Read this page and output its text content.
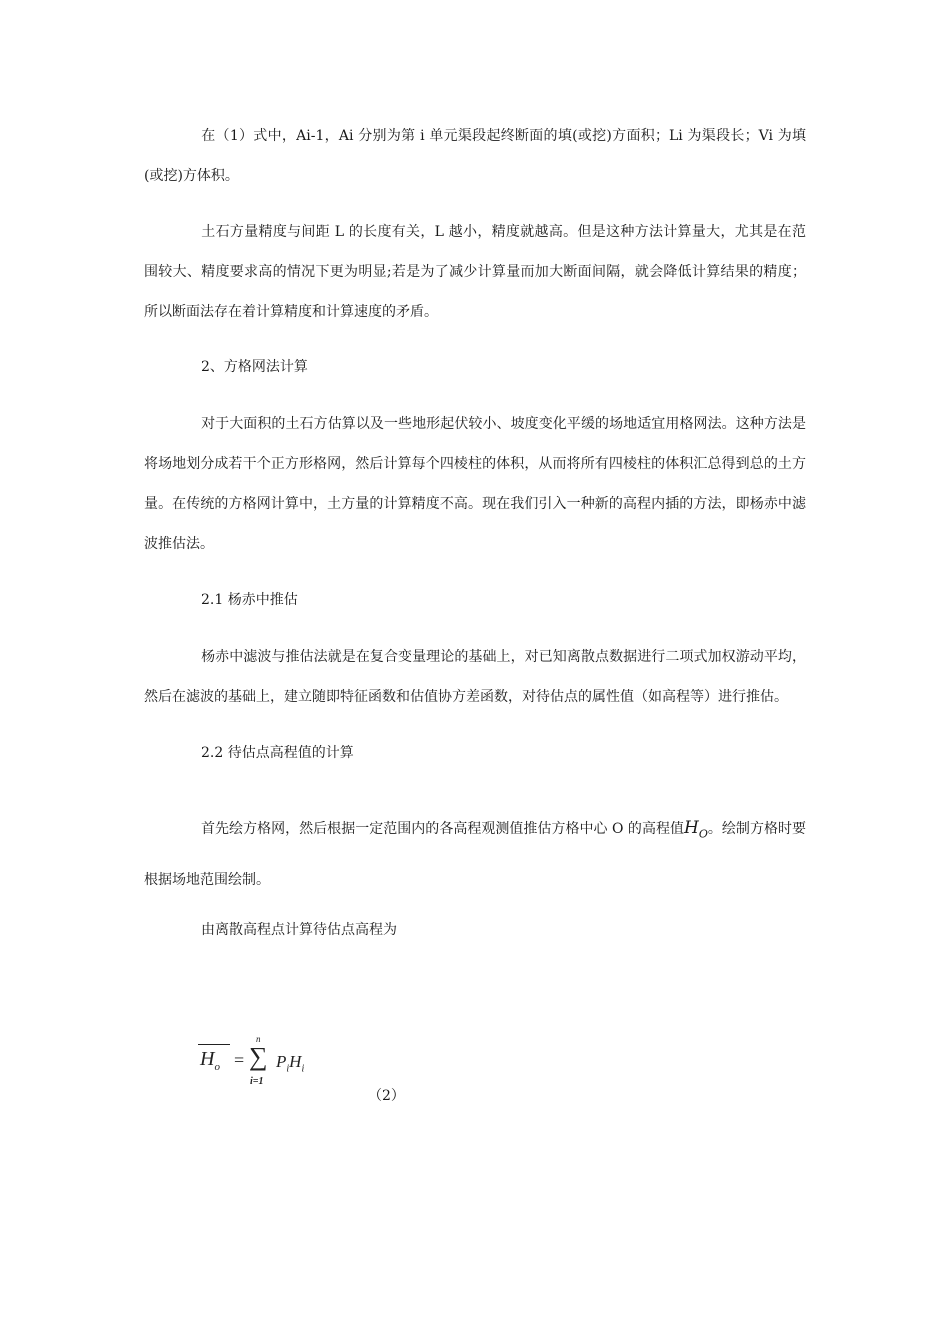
在（1）式中，Ai-1，Ai 分别为第 i 单元渠段起终断面的填(或挖)方面积；Li 为渠段长；Vi 为填(或挖)方体积。

土石方量精度与间距 L 的长度有关，L 越小，精度就越高。但是这种方法计算量大，尤其是在范围较大、精度要求高的情况下更为明显;若是为了减少计算量而加大断面间隔，就会降低计算结果的精度；所以断面法存在着计算精度和计算速度的矛盾。

2、方格网法计算

对于大面积的土石方估算以及一些地形起伏较小、坡度变化平缓的场地适宜用格网法。这种方法是将场地划分成若干个正方形格网，然后计算每个四棱柱的体积，从而将所有四棱柱的体积汇总得到总的土方量。在传统的方格网计算中，土方量的计算精度不高。现在我们引入一种新的高程内插的方法，即杨赤中滤波推估法。

2.1 杨赤中推估

杨赤中滤波与推估法就是在复合变量理论的基础上，对已知离散点数据进行二项式加权游动平均，然后在滤波的基础上，建立随即特征函数和估值协方差函数，对待估点的属性值（如高程等）进行推估。

2.2 待估点高程值的计算

首先绘方格网，然后根据一定范围内的各高程观测值推估方格中心 O 的高程值$H_O$。绘制方格时要根据场地范围绘制。

由离散高程点计算待估点高程为

$H_o$ =
n
∑
i=1
$P_iH_i$
（2）
